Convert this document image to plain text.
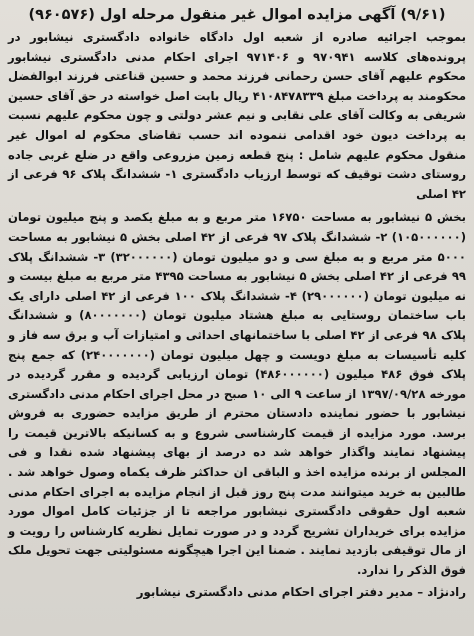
(۹/۶۱) آگهی مزایده اموال غیر منقول مرحله اول (۹۶۰۵۷۶)

بموجب اجرائیه صادره از شعبه اول دادگاه خانواده دادگستری نیشابور در پرونده‌های کلاسه ۹۷۰۹۴۱ و ۹۷۱۴۰۶ اجرای احکام مدنی دادگستری نیشابور محکوم علیهم آقای حسن رحمانی فرزند محمد و حسین قناعتی فرزند ابوالفضل محکومند به پرداخت مبلغ ۴۱۰۸۴۷۸۳۳۹ ریال بابت اصل خواسته در حق آقای حسین شریفی به وکالت آقای علی نقابی و نیم عشر دولتی و چون محکوم علیهم نسبت به پرداخت دیون خود اقدامی ننموده اند حسب تقاضای محکوم له اموال غیر منقول محکوم علیهم شامل : پنج قطعه زمین مزروعی واقع در ضلع غربی جاده روستای دشت توقیف که توسط ارزیاب دادگستری ۱- ششدانگ پلاک ۹۶ فرعی از ۴۲ اصلی

بخش ۵ نیشابور به مساحت ۱۶۷۵۰ متر مربع و به مبلغ یکصد و پنج میلیون تومان (۱۰۵۰۰۰۰۰۰) ۲- ششدانگ پلاک ۹۷ فرعی از ۴۲ اصلی بخش ۵ نیشابور به مساحت ۵۰۰۰ متر مربع و به مبلغ سی و دو میلیون تومان (۳۲۰۰۰۰۰۰) ۳- ششدانگ پلاک ۹۹ فرعی از ۴۲ اصلی بخش ۵ نیشابور به مساحت ۴۳۹۵ متر مربع به مبلغ بیست و نه میلیون تومان (۲۹۰۰۰۰۰۰) ۴- ششدانگ پلاک ۱۰۰ فرعی از ۴۲ اصلی دارای یک باب ساختمان روستایی به مبلغ هشتاد میلیون تومان (۸۰۰۰۰۰۰۰) و ششدانگ پلاک ۹۸ فرعی از ۴۲ اصلی با ساختمانهای احداثی و امتیازات آب و برق سه فاز و کلیه تأسیسات به مبلغ دویست و چهل میلیون تومان (۲۴۰۰۰۰۰۰۰) که جمع پنج پلاک فوق ۴۸۶ میلیون (۴۸۶۰۰۰۰۰۰) تومان ارزیابی گردیده و مقرر گردیده در مورخه ۱۳۹۷/۰۹/۲۸ از ساعت ۹ الی ۱۰ صبح در محل اجرای احکام مدنی دادگستری نیشابور با حضور نماینده دادستان محترم از طریق مزایده حضوری به فروش برسد. مورد مزایده از قیمت کارشناسی شروع و به کسانیکه بالاترین قیمت را پیشنهاد نمایند واگذار خواهد شد ده درصد از بهای پیشنهاد شده نقدا و فی المجلس از برنده مزایده اخذ و الباقی ان حداکثر ظرف یکماه وصول خواهد شد . طالبین به خرید میتوانند مدت پنج روز قبل از انجام مزایده به اجرای احکام مدنی شعبه اول حقوقی دادگستری نیشابور مراجعه تا از جزئیات کامل اموال مورد مزایده برای خریداران تشریح گردد و در صورت تمایل نظریه کارشناس را رویت و از مال توقیفی بازدید نمایند . ضمنا این اجرا هیچگونه مسئولیتی جهت تحویل ملک فوق الذکر را ندارد.

رادنژاد – مدیر دفتر اجرای احکام مدنی دادگستری نیشابور
